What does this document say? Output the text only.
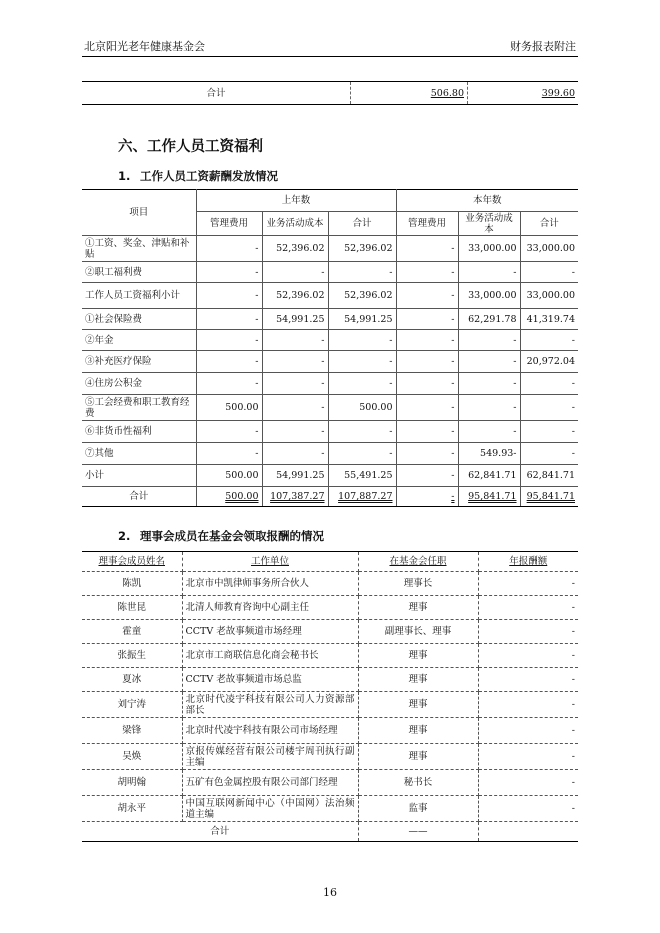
北京阳光老年健康基金会	财务报表附注
合计	506.80	399.60
六、工作人员工资福利
1. 工作人员工资薪酬发放情况
项目	上年数			本年数		
	管理费用	业务活动成本	合计	管理费用	业务活动成本	合计
①工资、奖金、津贴和补贴	-	52,396.02	52,396.02	-	33,000.00	33,000.00
②职工福利费	-	-	-	-	-	-
工作人员工资福利小计	-	52,396.02	52,396.02	-	33,000.00	33,000.00
①社会保险费	-	54,991.25	54,991.25	-	62,291.78	41,319.74
②年金	-	-	-	-	-	-
③补充医疗保险	-	-	-	-	-	20,972.04
④住房公积金	-	-	-	-	-	-
⑤工会经费和职工教育经费	500.00	-	500.00	-	-	-
⑥非货币性福利	-	-	-	-	-	-
⑦其他	-	-	-	-	549.93-	-
小计	500.00	54,991.25	55,491.25	-	62,841.71	62,841.71
合计	500.00	107,387.27	107,887.27	-	95,841.71	95,841.71
2. 理事会成员在基金会领取报酬的情况
理事会成员姓名	工作单位	在基金会任职	年报酬额
陈凯	北京市中凯律师事务所合伙人	理事长	-
陈世昆	北清人师教育咨询中心副主任	理事	-
霍童	CCTV 老故事频道市场经理	副理事长、理事	-
张振生	北京市工商联信息化商会秘书长	理事	-
夏冰	CCTV 老故事频道市场总监	理事	-
刘宁涛	北京时代凌宇科技有限公司人力资源部部长	理事	-
梁锋	北京时代凌宇科技有限公司市场经理	理事	-
吴焕	京报传媒经营有限公司楼宇周刊执行副主编	理事	-
胡明翰	五矿有色金属控股有限公司部门经理	秘书长	-
胡永平	中国互联网新闻中心（中国网）法治频道主编	监事	-
合计		——	
16
